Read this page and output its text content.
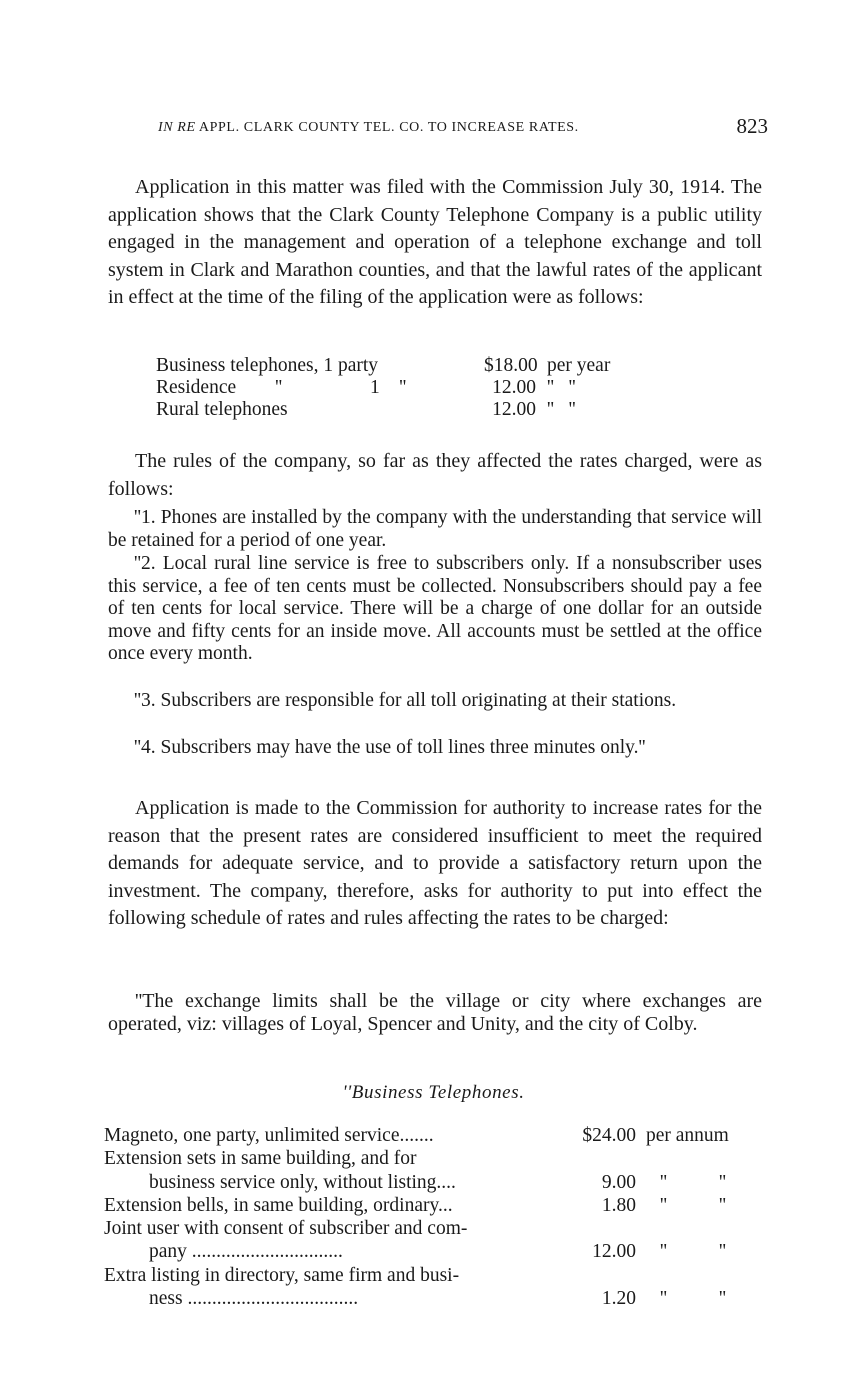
IN RE APPL. CLARK COUNTY TEL. CO. TO INCREASE RATES.	823

Application in this matter was filed with the Commission July 30, 1914. The application shows that the Clark County Telephone Company is a public utility engaged in the management and operation of a telephone exchange and toll system in Clark and Marathon counties, and that the lawful rates of the applicant in effect at the time of the filing of the application were as follows:

Business telephones, 1 party	$18.00 per year
Residence        ''	1    ''	12.00 ''   ''
Rural telephones	12.00 ''   ''

The rules of the company, so far as they affected the rates charged, were as follows:

''1. Phones are installed by the company with the understanding that service will be retained for a period of one year.

''2. Local rural line service is free to subscribers only. If a nonsubscriber uses this service, a fee of ten cents must be collected. Nonsubscribers should pay a fee of ten cents for local service. There will be a charge of one dollar for an outside move and fifty cents for an inside move. All accounts must be settled at the office once every month.

''3. Subscribers are responsible for all toll originating at their stations.

''4. Subscribers may have the use of toll lines three minutes only.''

Application is made to the Commission for authority to increase rates for the reason that the present rates are considered insufficient to meet the required demands for adequate service, and to provide a satisfactory return upon the investment. The company, therefore, asks for authority to put into effect the following schedule of rates and rules affecting the rates to be charged:

''The exchange limits shall be the village or city where exchanges are operated, viz: villages of Loyal, Spencer and Unity, and the city of Colby.

''Business Telephones.
Magneto, one party, unlimited service.......	$24.00 per annum
Extension sets in same building, and for
business service only, without listing....	9.00 ''	''
Extension bells, in same building, ordinary...	1.80 ''	''
Joint user with consent of subscriber and com-
pany ...............................	12.00 ''	''
Extra listing in directory, same firm and busi-
ness ...................................	1.20 ''	''
